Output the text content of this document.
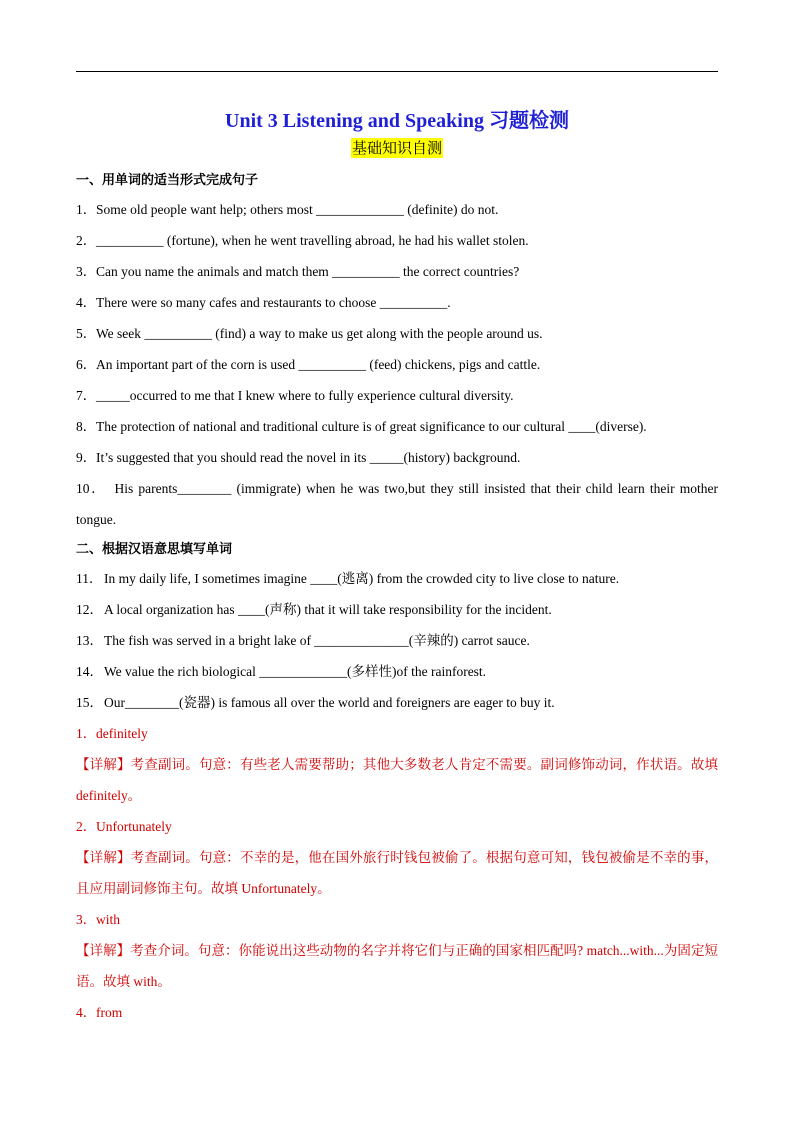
Unit 3 Listening and Speaking 习题检测
基础知识自测
一、用单词的适当形式完成句子
1．Some old people want help; others most _____________ (definite) do not.
2．__________ (fortune), when he went travelling abroad, he had his wallet stolen.
3．Can you name the animals and match them __________ the correct countries?
4．There were so many cafes and restaurants to choose __________.
5．We seek __________ (find) a way to make us get along with the people around us.
6．An important part of the corn is used __________ (feed) chickens, pigs and cattle.
7．_____occurred to me that I knew where to fully experience cultural diversity.
8．The protection of national and traditional culture is of great significance to our cultural ____(diverse).
9．It’s suggested that you should read the novel in its _____(history) background.
10． His parents________ (immigrate) when he was two,but they still insisted that their child learn their mother tongue.
二、根据汉语意思填写单词
11． In my daily life, I sometimes imagine ____(逃离) from the crowded city to live close to nature.
12．A local organization has ____(声称) that it will take responsibility for the incident.
13．The fish was served in a bright lake of ______________(辛辣的) carrot sauce.
14．We value the rich biological _____________(多样性)of the rainforest.
15．Our________(瓷器) is famous all over the world and foreigners are eager to buy it.
1．definitely
【详解】考查副词。句意：有些老人需要帮助；其他大多数老人肯定不需要。副词修饰动词，作状语。故填 definitely。
2．Unfortunately
【详解】考查副词。句意：不幸的是，他在国外旅行时钱包被偷了。根据句意可知，钱包被偷是不幸的事，且应用副词修饰主句。故填 Unfortunately。
3．with
【详解】考查介词。句意：你能说出这些动物的名字并将它们与正确的国家相匹配吗? match...with...为固定短语。故填 with。
4．from
